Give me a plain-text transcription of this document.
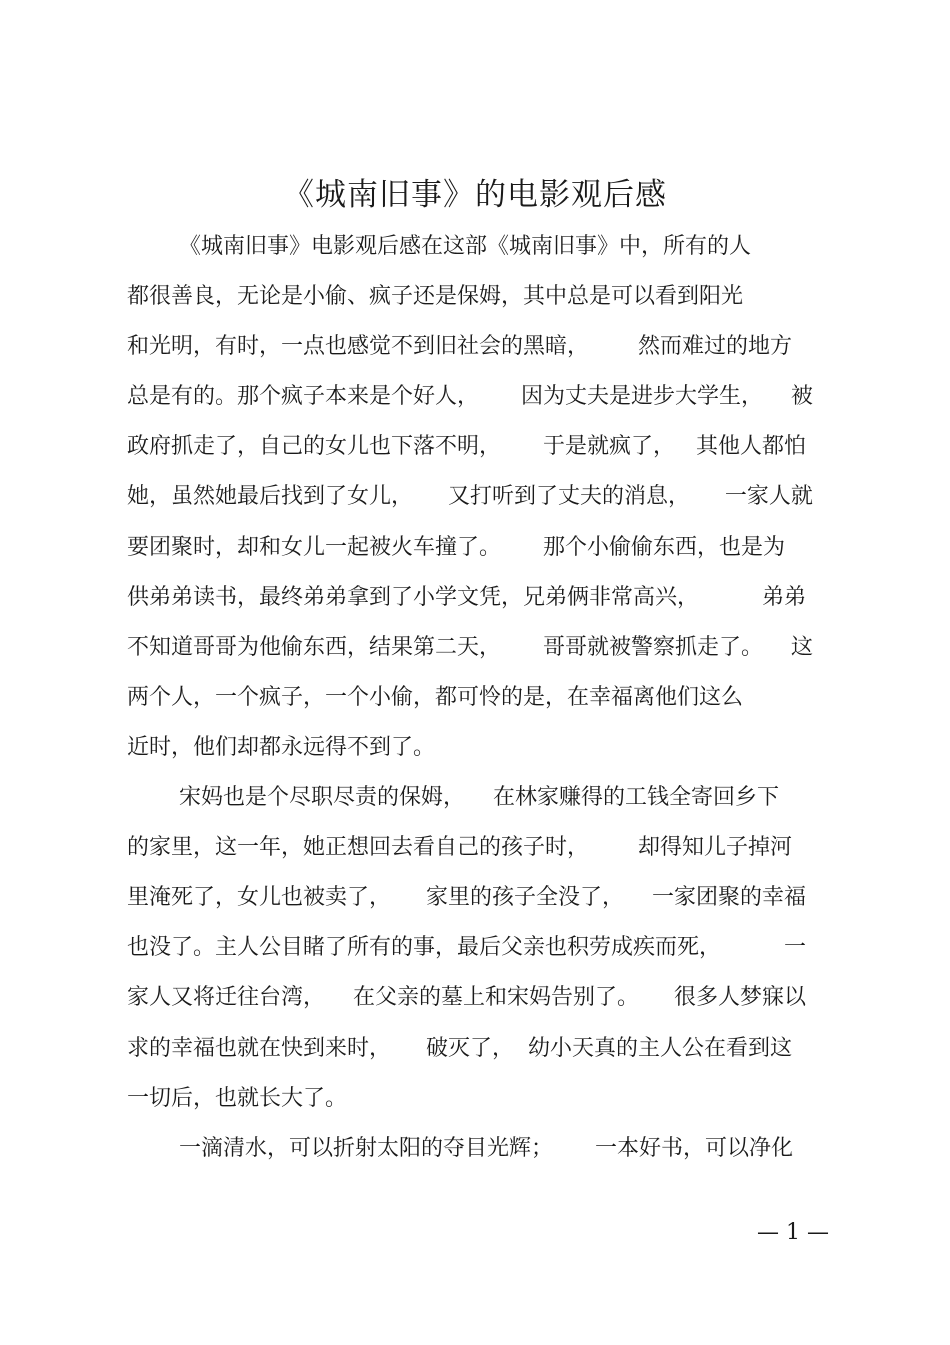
《城南旧事》的电影观后感
《城南旧事》电影观后感在这部《城南旧事》中，所有的人
都很善良，无论是小偷、疯子还是保姆，其中总是可以看到阳光
和光明，有时，一点也感觉不到旧社会的黑暗，       然而难过的地方
总是有的。那个疯子本来是个好人，      因为丈夫是进步大学生，    被
政府抓走了，自己的女儿也下落不明，      于是就疯了，   其他人都怕
她，虽然她最后找到了女儿，     又打听到了丈夫的消息，     一家人就
要团聚时，却和女儿一起被火车撞了。      那个小偷偷东西，也是为
供弟弟读书，最终弟弟拿到了小学文凭，兄弟俩非常高兴，         弟弟
不知道哥哥为他偷东西，结果第二天，      哥哥就被警察抓走了。    这
两个人，一个疯子，一个小偷，都可怜的是，在幸福离他们这么
近时，他们却都永远得不到了。
宋妈也是个尽职尽责的保姆，    在林家赚得的工钱全寄回乡下
的家里，这一年，她正想回去看自己的孩子时，       却得知儿子掉河
里淹死了，女儿也被卖了，     家里的孩子全没了，    一家团聚的幸福
也没了。主人公目睹了所有的事，最后父亲也积劳成疾而死，         一
家人又将迁往台湾，    在父亲的墓上和宋妈告别了。     很多人梦寐以
求的幸福也就在快到来时，     破灭了，  幼小天真的主人公在看到这
一切后，也就长大了。
一滴清水，可以折射太阳的夺目光辉；      一本好书，可以净化
— 1 —
